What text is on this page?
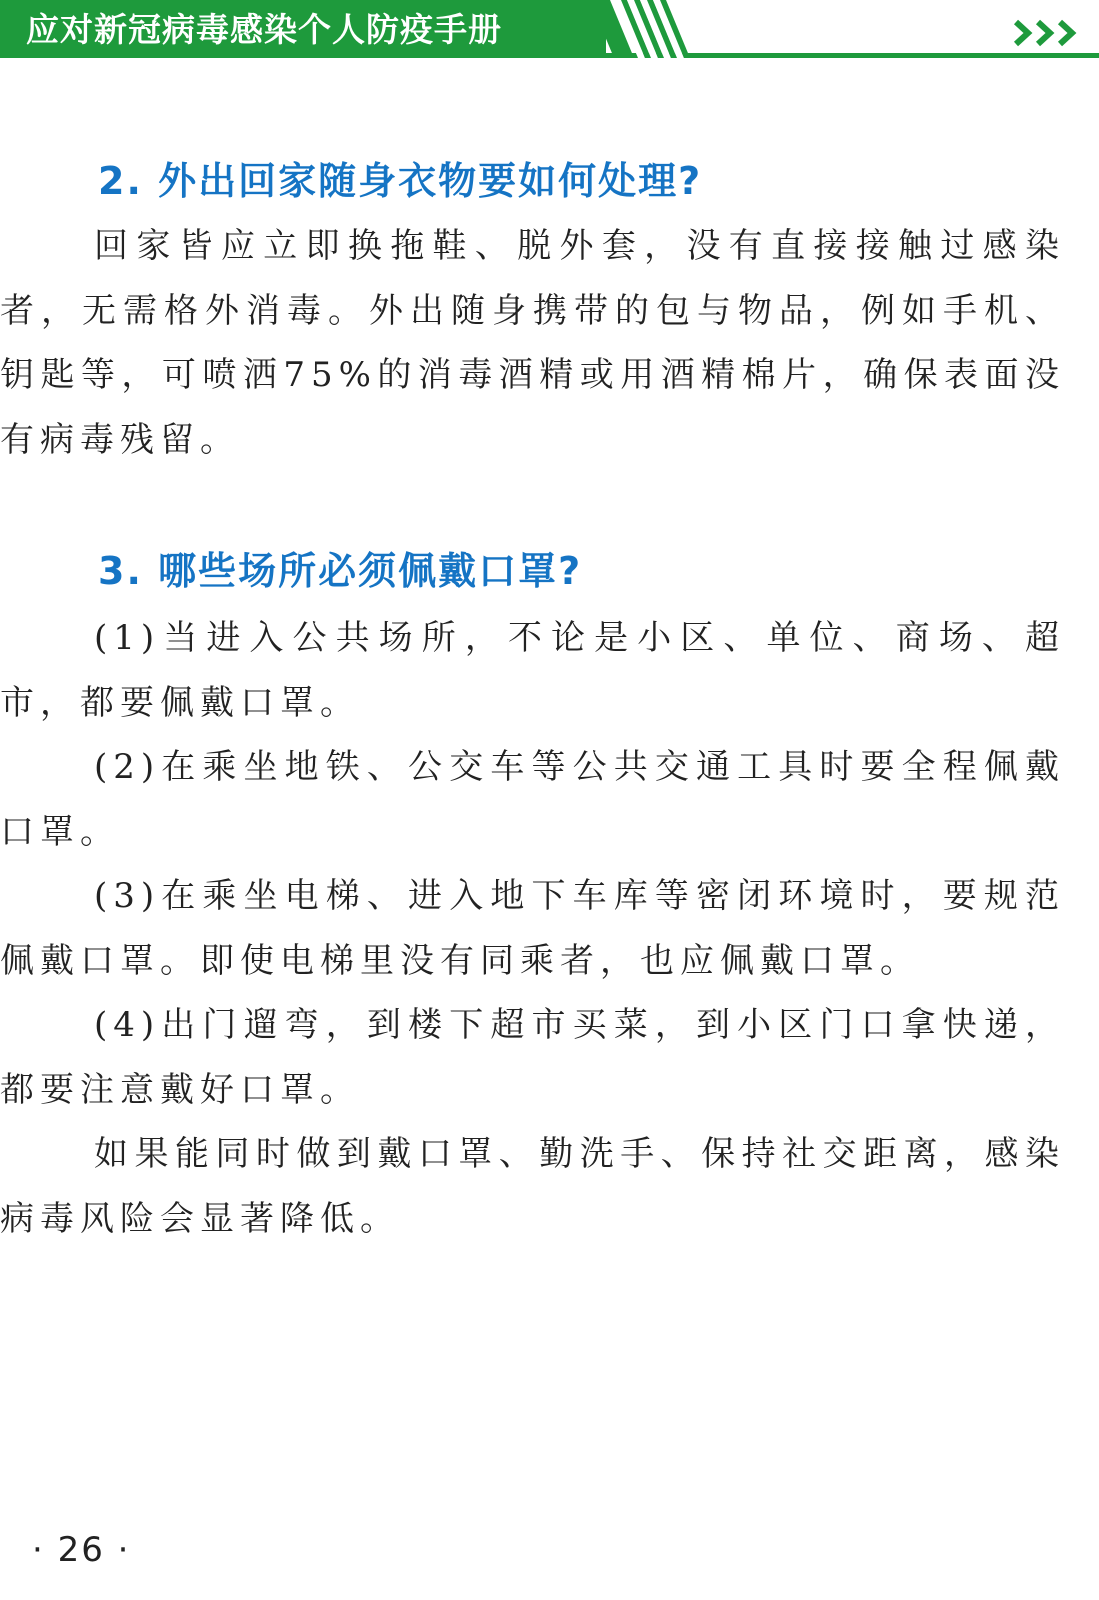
应对新冠病毒感染个人防疫手册
2. 外出回家随身衣物要如何处理?

回家皆应立即换拖鞋、脱外套，没有直接接触过感染者，无需格外消毒。外出随身携带的包与物品，例如手机、钥匙等，可喷洒75%的消毒酒精或用酒精棉片，确保表面没有病毒残留。

3. 哪些场所必须佩戴口罩?

(1)当进入公共场所，不论是小区、单位、商场、超市，都要佩戴口罩。

(2)在乘坐地铁、公交车等公共交通工具时要全程佩戴口罩。

(3)在乘坐电梯、进入地下车库等密闭环境时，要规范佩戴口罩。即使电梯里没有同乘者，也应佩戴口罩。

(4)出门遛弯，到楼下超市买菜，到小区门口拿快递，都要注意戴好口罩。

如果能同时做到戴口罩、勤洗手、保持社交距离，感染病毒风险会显著降低。

· 26 ·
